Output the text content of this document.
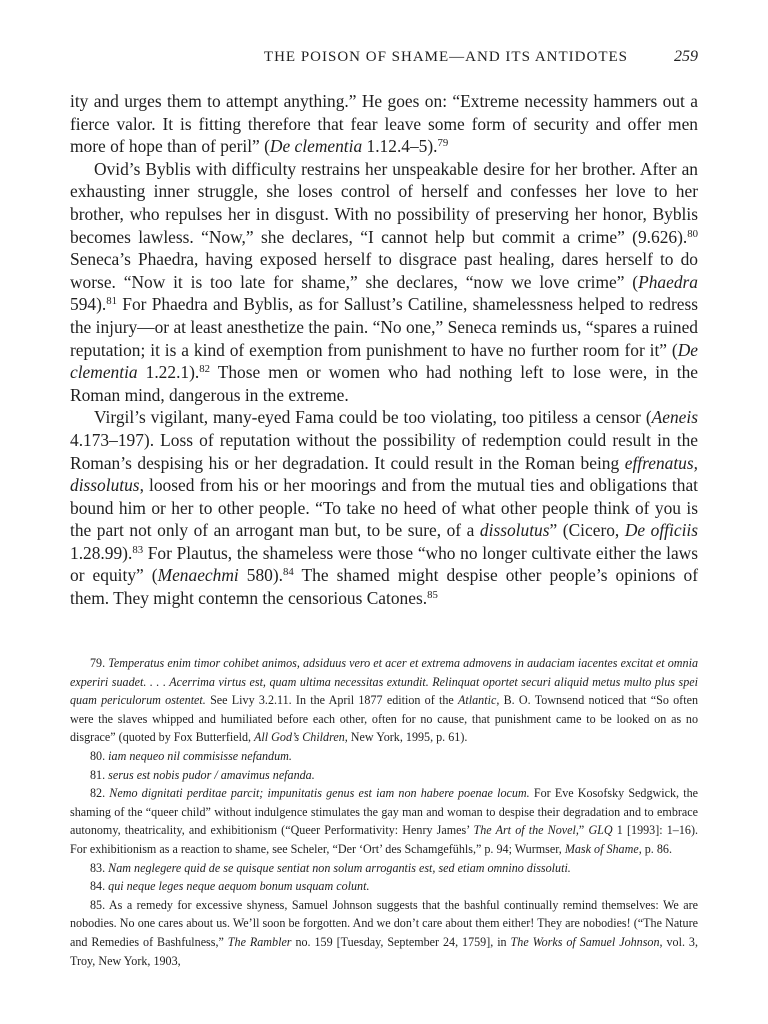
THE POISON OF SHAME—AND ITS ANTIDOTES	259

ity and urges them to attempt anything.” He goes on: “Extreme necessity hammers out a fierce valor. It is fitting therefore that fear leave some form of security and offer men more of hope than of peril” (De clementia 1.12.4–5).$^{79}$

Ovid’s Byblis with difficulty restrains her unspeakable desire for her brother. After an exhausting inner struggle, she loses control of herself and confesses her love to her brother, who repulses her in disgust. With no possibility of preserving her honor, Byblis becomes lawless. “Now,” she declares, “I cannot help but commit a crime” (9.626).$^{80}$ Seneca’s Phaedra, having exposed herself to disgrace past healing, dares herself to do worse. “Now it is too late for shame,” she declares, “now we love crime” (Phaedra 594).$^{81}$ For Phaedra and Byblis, as for Sallust’s Catiline, shamelessness helped to redress the injury—or at least anesthetize the pain. “No one,” Seneca reminds us, “spares a ruined reputation; it is a kind of exemption from punishment to have no further room for it” (De clementia 1.22.1).$^{82}$ Those men or women who had nothing left to lose were, in the Roman mind, dangerous in the extreme.

Virgil’s vigilant, many-eyed Fama could be too violating, too pitiless a censor (Aeneis 4.173–197). Loss of reputation without the possibility of redemption could result in the Roman’s despising his or her degradation. It could result in the Roman being effrenatus, dissolutus, loosed from his or her moorings and from the mutual ties and obligations that bound him or her to other people. “To take no heed of what other people think of you is the part not only of an arrogant man but, to be sure, of a dissolutus” (Cicero, De officiis 1.28.99).$^{83}$ For Plautus, the shameless were those “who no longer cultivate either the laws or equity” (Menaechmi 580).$^{84}$ The shamed might despise other people’s opinions of them. They might contemn the censorious Catones.$^{85}$

79. Temperatus enim timor cohibet animos, adsiduus vero et acer et extrema admovens in audaciam iacentes excitat et omnia experiri suadet. . . . Acerrima virtus est, quam ultima necessitas extundit. Relinquat oportet securi aliquid metus multo plus spei quam periculorum ostentet. See Livy 3.2.11. In the April 1877 edition of the Atlantic, B. O. Townsend noticed that “So often were the slaves whipped and humiliated before each other, often for no cause, that punishment came to be looked on as no disgrace” (quoted by Fox Butterfield, All God’s Children, New York, 1995, p. 61).

80. iam nequeo nil commisisse nefandum.

81. serus est nobis pudor / amavimus nefanda.

82. Nemo dignitati perditae parcit; impunitatis genus est iam non habere poenae locum. For Eve Kosofsky Sedgwick, the shaming of the “queer child” without indulgence stimulates the gay man and woman to despise their degradation and to embrace autonomy, theatricality, and exhibitionism (“Queer Performativity: Henry James’ The Art of the Novel,” GLQ 1 [1993]: 1–16). For exhibitionism as a reaction to shame, see Scheler, “Der ‘Ort’ des Schamgefühls,” p. 94; Wurmser, Mask of Shame, p. 86.

83. Nam neglegere quid de se quisque sentiat non solum arrogantis est, sed etiam omnino dissoluti.

84. qui neque leges neque aequom bonum usquam colunt.

85. As a remedy for excessive shyness, Samuel Johnson suggests that the bashful continually remind themselves: We are nobodies. No one cares about us. We’ll soon be forgotten. And we don’t care about them either! They are nobodies! (“The Nature and Remedies of Bashfulness,” The Rambler no. 159 [Tuesday, September 24, 1759], in The Works of Samuel Johnson, vol. 3, Troy, New York, 1903,
